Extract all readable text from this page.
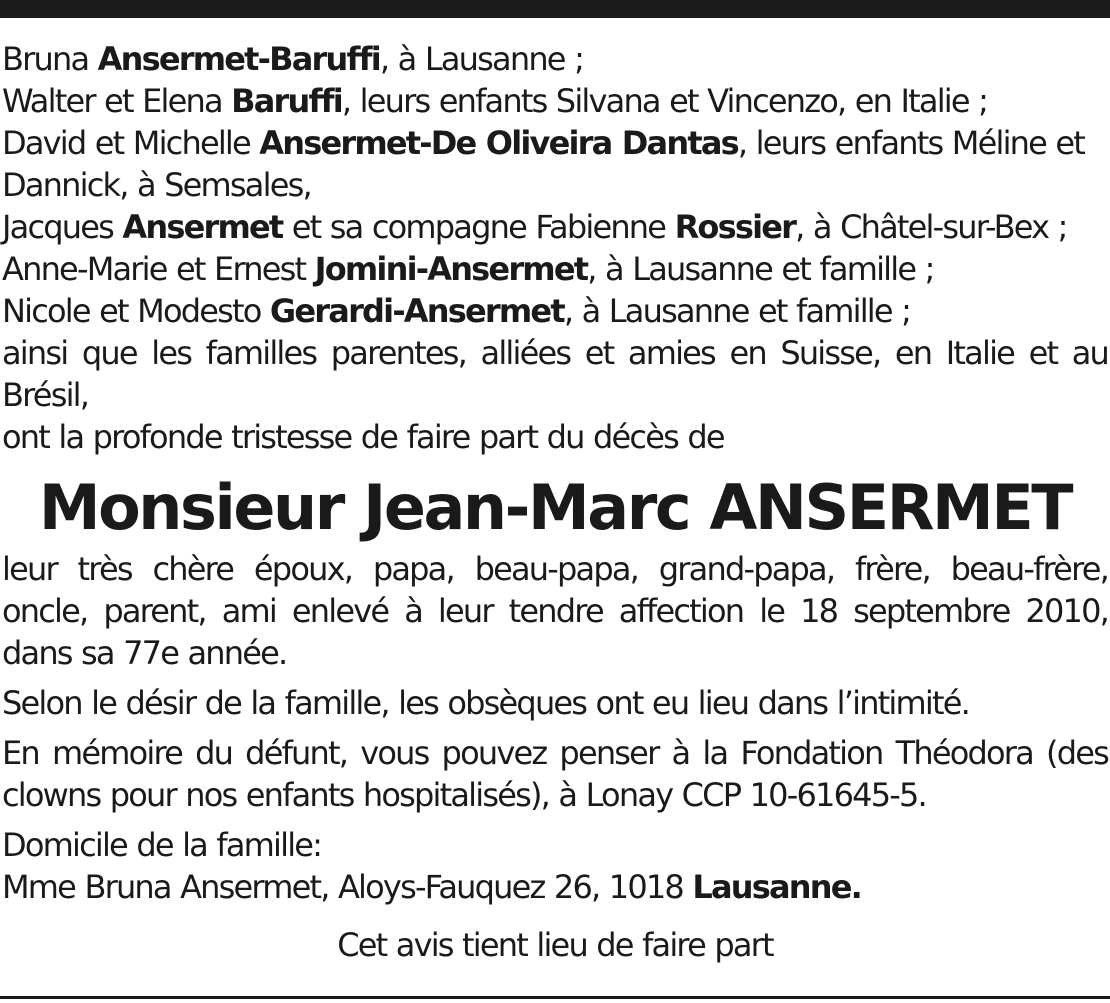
Bruna Ansermet-Baruffi, à Lausanne ;
Walter et Elena Baruffi, leurs enfants Silvana et Vincenzo, en Italie ;
David et Michelle Ansermet-De Oliveira Dantas, leurs enfants Méline et Dannick, à Semsales,
Jacques Ansermet et sa compagne Fabienne Rossier, à Châtel-sur-Bex ;
Anne-Marie et Ernest Jomini-Ansermet, à Lausanne et famille ;
Nicole et Modesto Gerardi-Ansermet, à Lausanne et famille ;
ainsi que les familles parentes, alliées et amies en Suisse, en Italie et au Brésil,
ont la profonde tristesse de faire part du décès de
Monsieur Jean-Marc ANSERMET
leur très chère époux, papa, beau-papa, grand-papa, frère, beau-frère, oncle, parent, ami enlevé à leur tendre affection le 18 septembre 2010, dans sa 77e année.
Selon le désir de la famille, les obsèques ont eu lieu dans l’intimité.
En mémoire du défunt, vous pouvez penser à la Fondation Théodora (des clowns pour nos enfants hospitalisés), à Lonay CCP 10-61645-5.
Domicile de la famille:
Mme Bruna Ansermet, Aloys-Fauquez 26, 1018 Lausanne.
Cet avis tient lieu de faire part
